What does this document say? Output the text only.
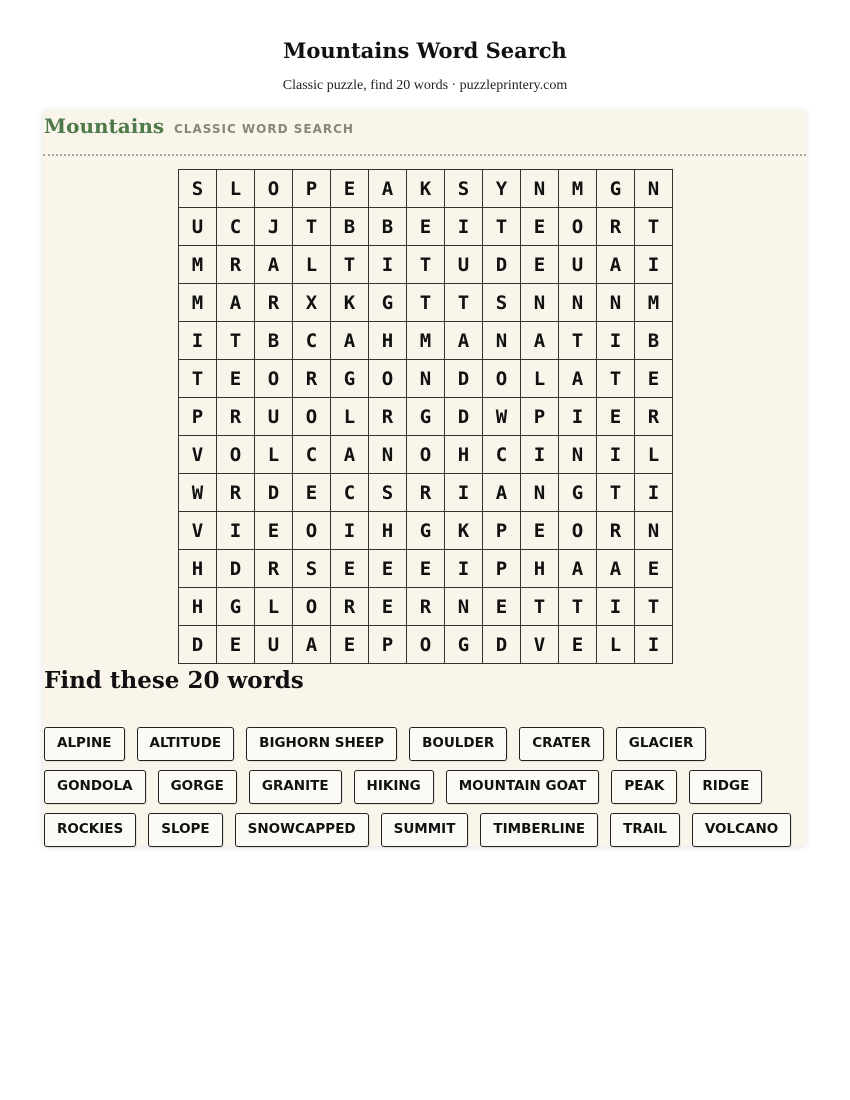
Mountains Word Search
Classic puzzle, find 20 words · puzzleprintery.com
Mountains CLASSIC WORD SEARCH
S	L	O	P	E	A	K	S	Y	N	M	G	N
U	C	J	T	B	B	E	I	T	E	O	R	T
M	R	A	L	T	I	T	U	D	E	U	A	I
M	A	R	X	K	G	T	T	S	N	N	N	M
I	T	B	C	A	H	M	A	N	A	T	I	B
T	E	O	R	G	O	N	D	O	L	A	T	E
P	R	U	O	L	R	G	D	W	P	I	E	R
V	O	L	C	A	N	O	H	C	I	N	I	L
W	R	D	E	C	S	R	I	A	N	G	T	I
V	I	E	O	I	H	G	K	P	E	O	R	N
H	D	R	S	E	E	E	I	P	H	A	A	E
H	G	L	O	R	E	R	N	E	T	T	I	T
D	E	U	A	E	P	O	G	D	V	E	L	I
Find these 20 words
ALPINE	ALTITUDE	BIGHORN SHEEP	BOULDER	CRATER	GLACIER
GONDOLA	GORGE	GRANITE	HIKING	MOUNTAIN GOAT	PEAK	RIDGE
ROCKIES	SLOPE	SNOWCAPPED	SUMMIT	TIMBERLINE	TRAIL	VOLCANO
